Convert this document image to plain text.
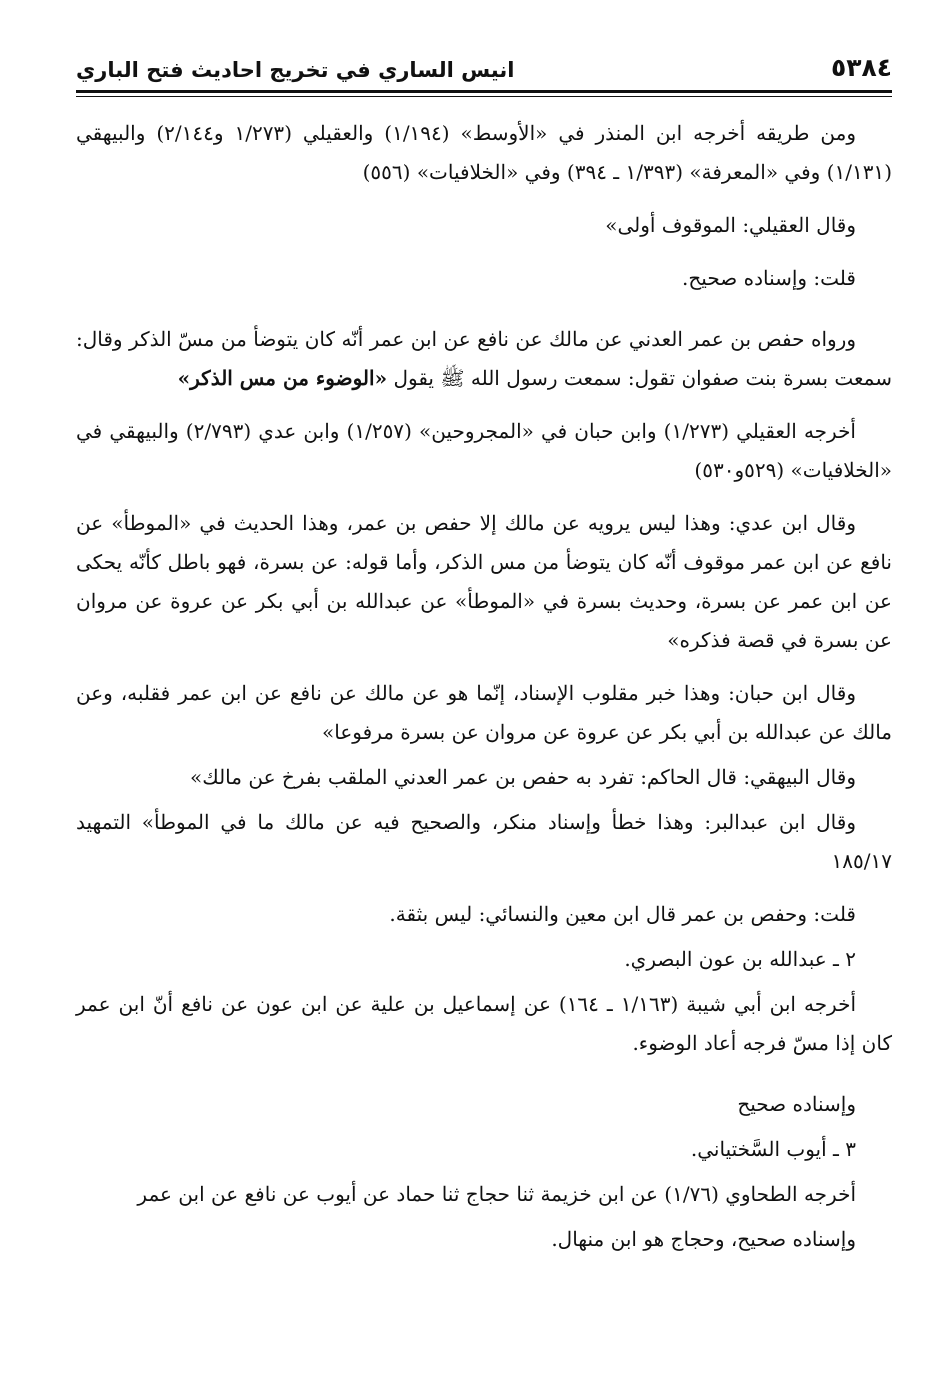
٥٣٨٤
انيس الساري في تخريج احاديث فتح الباري

ومن طريقه أخرجه ابن المنذر في «الأوسط» (١/١٩٤) والعقيلي (١/٢٧٣ و٢/١٤٤) والبيهقي (١/١٣١) وفي «المعرفة» (١/٣٩٣ ـ ٣٩٤) وفي «الخلافيات» (٥٥٦)

وقال العقيلي: الموقوف أولى»

قلت: وإسناده صحيح.

ورواه حفص بن عمر العدني عن مالك عن نافع عن ابن عمر أنّه كان يتوضأ من مسّ الذكر وقال: سمعت بسرة بنت صفوان تقول: سمعت رسول الله ﷺ يقول «الوضوء من مس الذكر»

أخرجه العقيلي (١/٢٧٣) وابن حبان في «المجروحين» (١/٢٥٧) وابن عدي (٢/٧٩٣) والبيهقي في «الخلافيات» (٥٢٩و٥٣٠)

وقال ابن عدي: وهذا ليس يرويه عن مالك إلا حفص بن عمر، وهذا الحديث في «الموطأ» عن نافع عن ابن عمر موقوف أنّه كان يتوضأ من مس الذكر، وأما قوله: عن بسرة، فهو باطل كأنّه يحكى عن ابن عمر عن بسرة، وحديث بسرة في «الموطأ» عن عبدالله بن أبي بكر عن عروة عن مروان عن بسرة في قصة فذكره»

وقال ابن حبان: وهذا خبر مقلوب الإسناد، إنّما هو عن مالك عن نافع عن ابن عمر فقلبه، وعن مالك عن عبدالله بن أبي بكر عن عروة عن مروان عن بسرة مرفوعا»

وقال البيهقي: قال الحاكم: تفرد به حفص بن عمر العدني الملقب بفرخ عن مالك»

وقال ابن عبدالبر: وهذا خطأ وإسناد منكر، والصحيح فيه عن مالك ما في الموطأ» التمهيد ١٨٥/١٧

قلت: وحفص بن عمر قال ابن معين والنسائي: ليس بثقة.

٢ ـ عبدالله بن عون البصري.

أخرجه ابن أبي شيبة (١/١٦٣ ـ ١٦٤) عن إسماعيل بن علية عن ابن عون عن نافع أنّ ابن عمر كان إذا مسّ فرجه أعاد الوضوء.

وإسناده صحيح

٣ ـ أيوب السَّختياني.

أخرجه الطحاوي (١/٧٦) عن ابن خزيمة ثنا حجاج ثنا حماد عن أيوب عن نافع عن ابن عمر

وإسناده صحيح، وحجاج هو ابن منهال.
